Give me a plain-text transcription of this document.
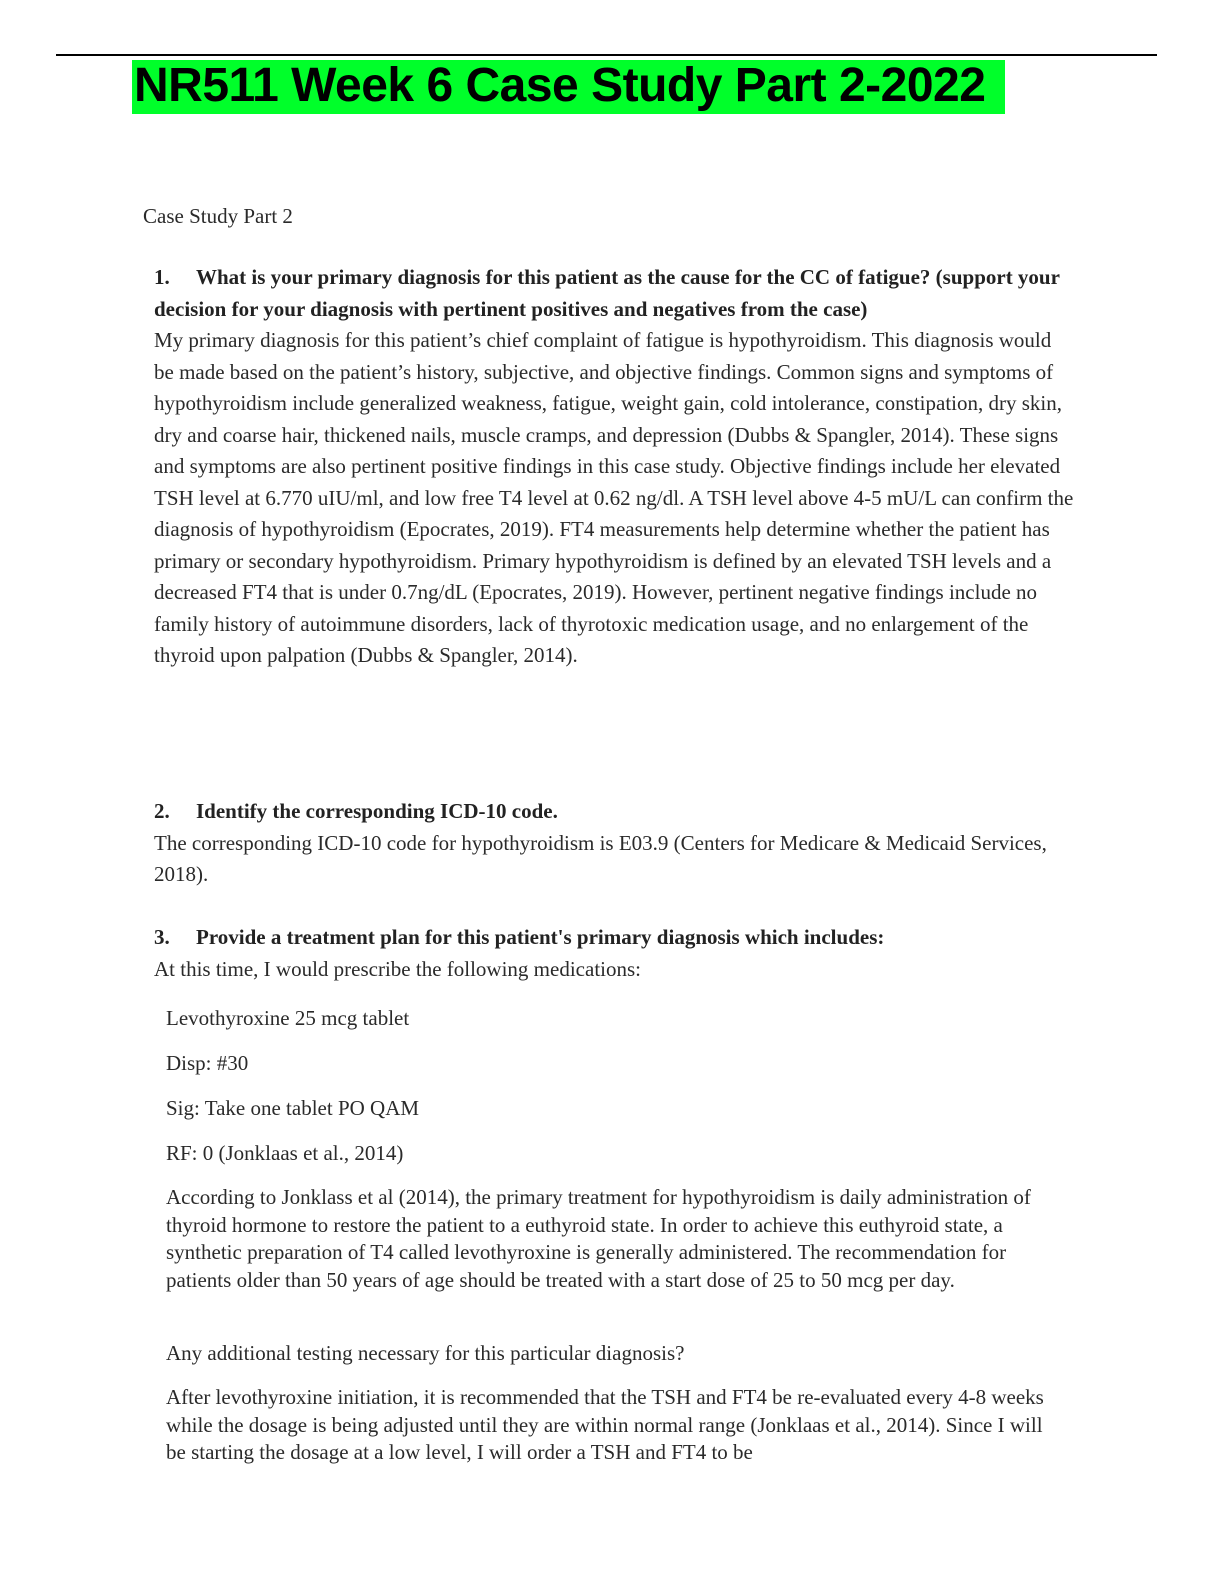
NR511 Week 6 Case Study Part 2-2022
Case Study Part 2

1. What is your primary diagnosis for this patient as the cause for the CC of fatigue? (support your decision for your diagnosis with pertinent positives and negatives from the case)

My primary diagnosis for this patient’s chief complaint of fatigue is hypothyroidism. This diagnosis would be made based on the patient’s history, subjective, and objective findings. Common signs and symptoms of hypothyroidism include generalized weakness, fatigue, weight gain, cold intolerance, constipation, dry skin, dry and coarse hair, thickened nails, muscle cramps, and depression (Dubbs & Spangler, 2014). These signs and symptoms are also pertinent positive findings in this case study. Objective findings include her elevated TSH level at 6.770 uIU/ml, and low free T4 level at 0.62 ng/dl. A TSH level above 4-5 mU/L can confirm the diagnosis of hypothyroidism (Epocrates, 2019). FT4 measurements help determine whether the patient has primary or secondary hypothyroidism. Primary hypothyroidism is defined by an elevated TSH levels and a decreased FT4 that is under 0.7ng/dL (Epocrates, 2019). However, pertinent negative findings include no family history of autoimmune disorders, lack of thyrotoxic medication usage, and no enlargement of the thyroid upon palpation (Dubbs & Spangler, 2014).

2. Identify the corresponding ICD-10 code.

The corresponding ICD-10 code for hypothyroidism is E03.9 (Centers for Medicare & Medicaid Services, 2018).

3. Provide a treatment plan for this patient's primary diagnosis which includes:

At this time, I would prescribe the following medications:

Levothyroxine 25 mcg tablet
Disp: #30
Sig: Take one tablet PO QAM
RF: 0 (Jonklaas et al., 2014)
According to Jonklass et al (2014), the primary treatment for hypothyroidism is daily administration of thyroid hormone to restore the patient to a euthyroid state. In order to achieve this euthyroid state, a synthetic preparation of T4 called levothyroxine is generally administered. The recommendation for patients older than 50 years of age should be treated with a start dose of 25 to 50 mcg per day.
Any additional testing necessary for this particular diagnosis?
After levothyroxine initiation, it is recommended that the TSH and FT4 be re-evaluated every 4-8 weeks while the dosage is being adjusted until they are within normal range (Jonklaas et al., 2014). Since I will be starting the dosage at a low level, I will order a TSH and FT4 to be
